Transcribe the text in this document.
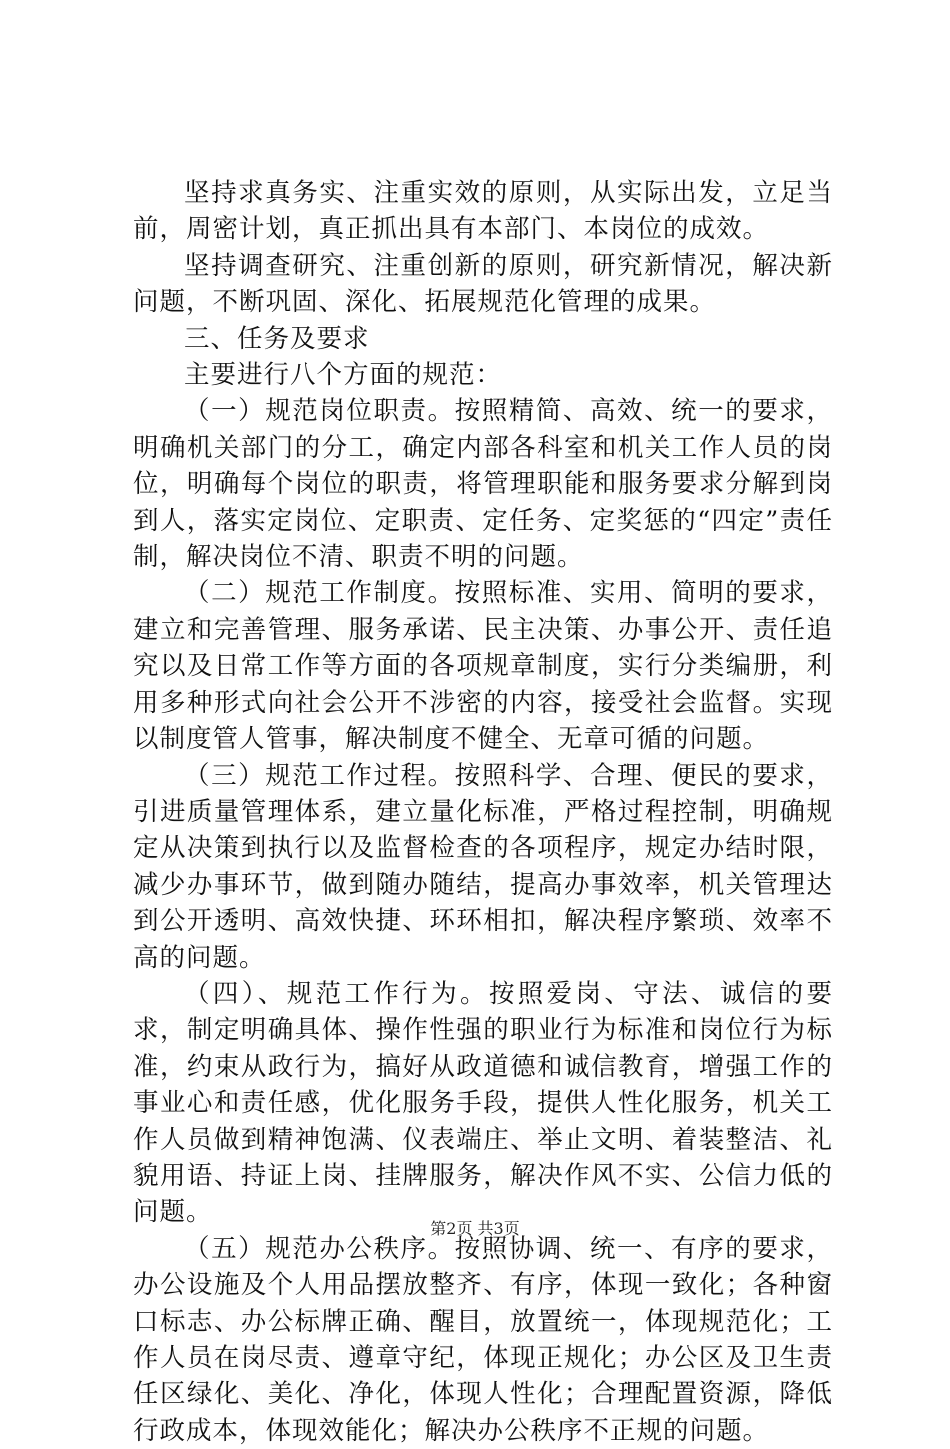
坚持求真务实、注重实效的原则，从实际出发，立足当前，周密计划，真正抓出具有本部门、本岗位的成效。

坚持调查研究、注重创新的原则，研究新情况，解决新问题，不断巩固、深化、拓展规范化管理的成果。

三、任务及要求

主要进行八个方面的规范：

（一）规范岗位职责。按照精简、高效、统一的要求，明确机关部门的分工，确定内部各科室和机关工作人员的岗位，明确每个岗位的职责，将管理职能和服务要求分解到岗到人，落实定岗位、定职责、定任务、定奖惩的“四定”责任制，解决岗位不清、职责不明的问题。

（二）规范工作制度。按照标准、实用、简明的要求，建立和完善管理、服务承诺、民主决策、办事公开、责任追究以及日常工作等方面的各项规章制度，实行分类编册，利用多种形式向社会公开不涉密的内容，接受社会监督。实现以制度管人管事，解决制度不健全、无章可循的问题。

（三）规范工作过程。按照科学、合理、便民的要求，引进质量管理体系，建立量化标准，严格过程控制，明确规定从决策到执行以及监督检查的各项程序，规定办结时限，减少办事环节，做到随办随结，提高办事效率，机关管理达到公开透明、高效快捷、环环相扣，解决程序繁琐、效率不高的问题。

（四）、规范工作行为。按照爱岗、守法、诚信的要求，制定明确具体、操作性强的职业行为标准和岗位行为标准，约束从政行为，搞好从政道德和诚信教育，增强工作的事业心和责任感，优化服务手段，提供人性化服务，机关工作人员做到精神饱满、仪表端庄、举止文明、着装整洁、礼貌用语、持证上岗、挂牌服务，解决作风不实、公信力低的问题。

（五）规范办公秩序。按照协调、统一、有序的要求，办公设施及个人用品摆放整齐、有序，体现一致化；各种窗口标志、办公标牌正确、醒目，放置统一，体现规范化；工作人员在岗尽责、遵章守纪，体现正规化；办公区及卫生责任区绿化、美化、净化，体现人性化；合理配置资源，降低行政成本，体现效能化；解决办公秩序不正规的问题。

第2页 共3页
